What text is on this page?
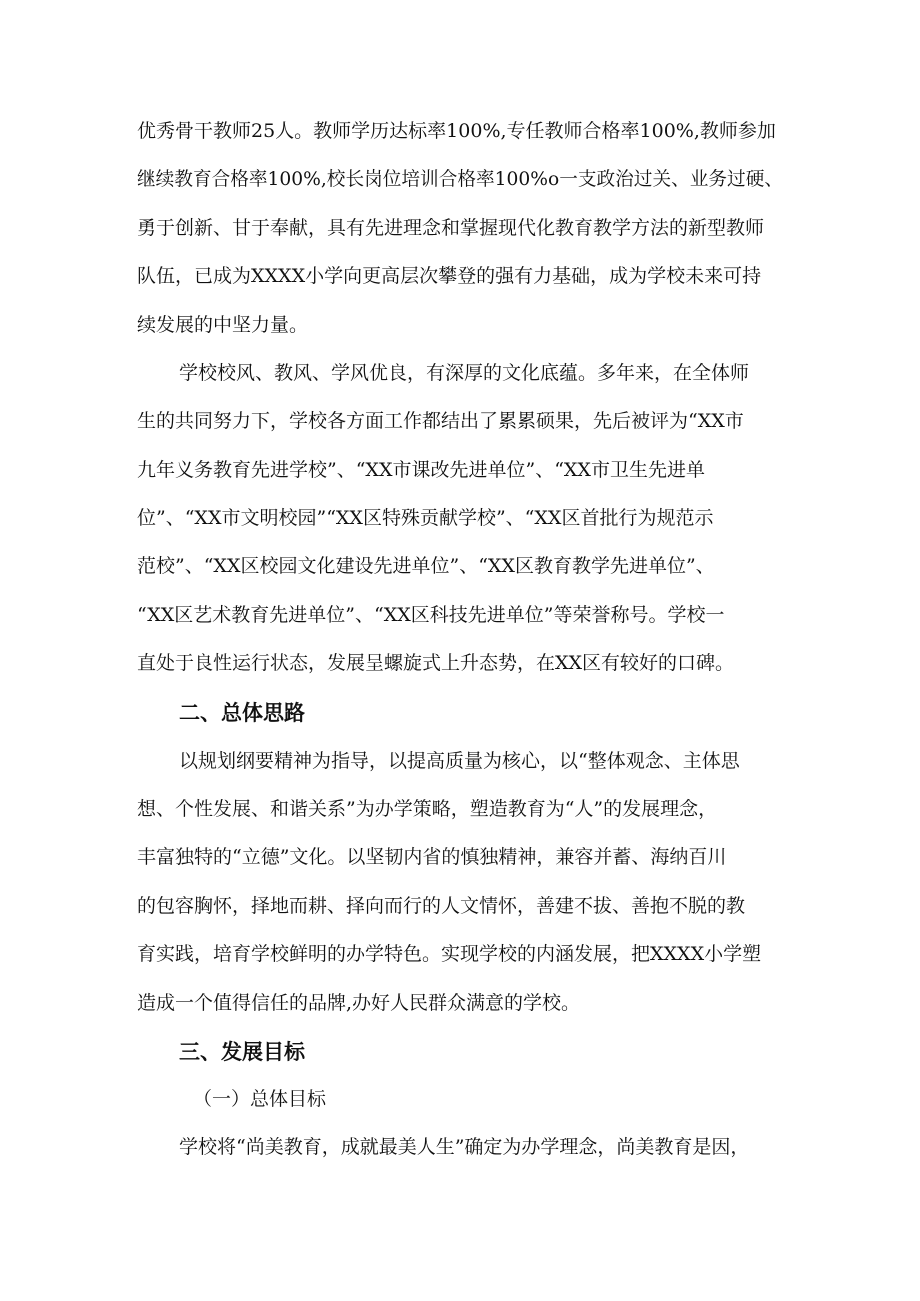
优秀骨干教师25人。教师学历达标率100%,专任教师合格率100%,教师参加
继续教育合格率100%,校长岗位培训合格率100%o一支政治过关、业务过硬、
勇于创新、甘于奉献，具有先进理念和掌握现代化教育教学方法的新型教师
队伍，已成为XXXX小学向更高层次攀登的强有力基础，成为学校未来可持
续发展的中坚力量。
学校校风、教风、学风优良，有深厚的文化底蕴。多年来，在全体师
生的共同努力下，学校各方面工作都结出了累累硕果，先后被评为“XX市
九年义务教育先进学校”、“XX市课改先进单位”、“XX市卫生先进单
位”、“XX市文明校园”“XX区特殊贡献学校”、“XX区首批行为规范示
范校”、“XX区校园文化建设先进单位”、“XX区教育教学先进单位”、
“XX区艺术教育先进单位”、“XX区科技先进单位”等荣誉称号。学校一
直处于良性运行状态，发展呈螺旋式上升态势，在XX区有较好的口碑。
二、总体思路
以规划纲要精神为指导，以提高质量为核心，以“整体观念、主体思
想、个性发展、和谐关系”为办学策略，塑造教育为“人”的发展理念，
丰富独特的“立德”文化。以坚韧内省的慎独精神，兼容并蓄、海纳百川
的包容胸怀，择地而耕、择向而行的人文情怀，善建不拔、善抱不脱的教
育实践，培育学校鲜明的办学特色。实现学校的内涵发展，把XXXX小学塑
造成一个值得信任的品牌,办好人民群众满意的学校。
三、发展目标
（一）总体目标
学校将“尚美教育，成就最美人生”确定为办学理念，尚美教育是因，
